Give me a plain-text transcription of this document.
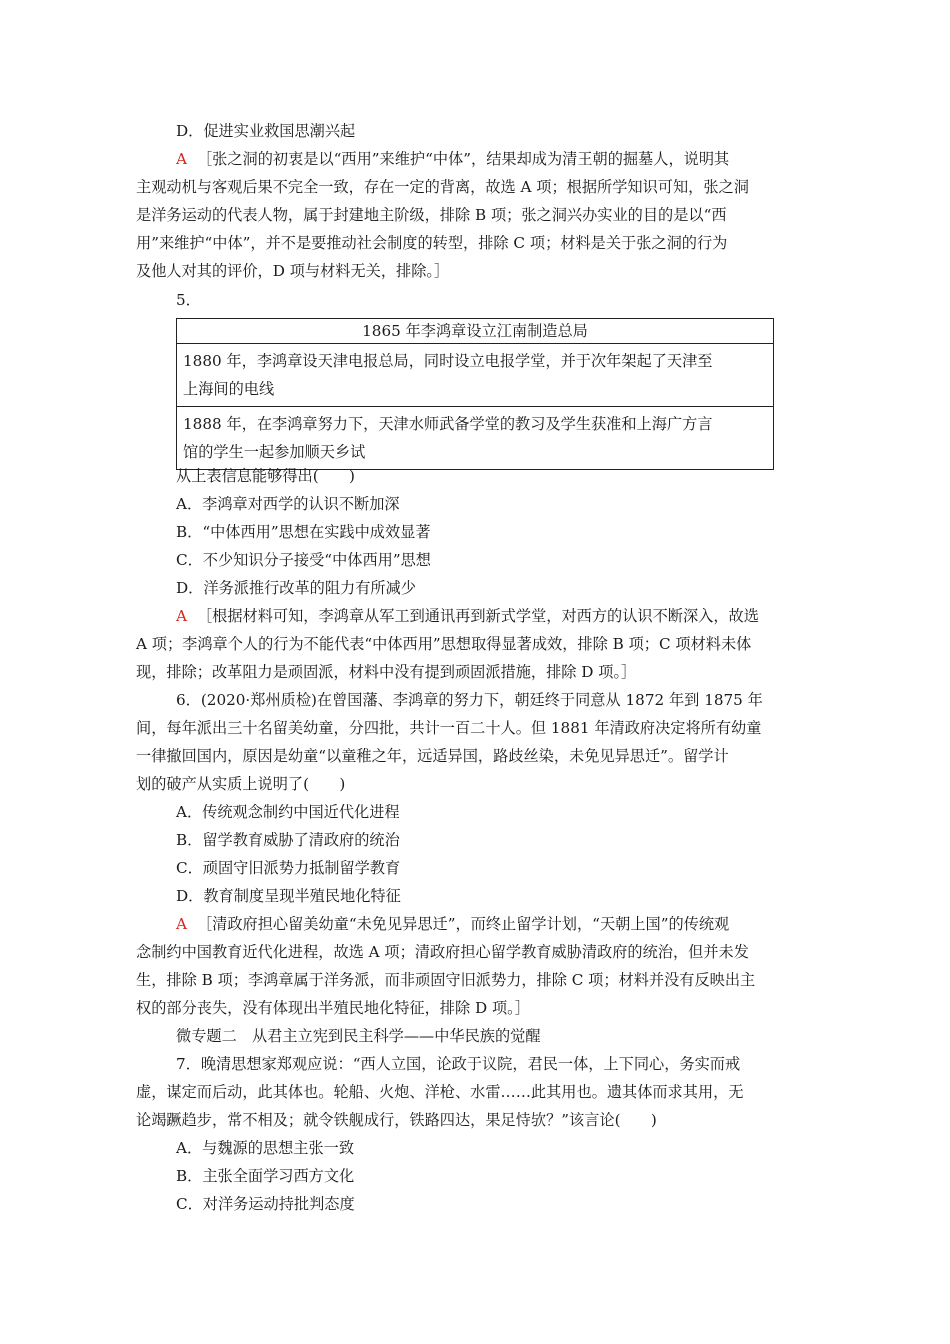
D．促进实业救国思潮兴起
A ［张之洞的初衷是以“西用”来维护“中体”，结果却成为清王朝的掘墓人，说明其
主观动机与客观后果不完全一致，存在一定的背离，故选 A 项；根据所学知识可知，张之洞
是洋务运动的代表人物，属于封建地主阶级，排除 B 项；张之洞兴办实业的目的是以“西
用”来维护“中体”，并不是要推动社会制度的转型，排除 C 项；材料是关于张之洞的行为
及他人对其的评价，D 项与材料无关，排除。］
5．
1865 年李鸿章设立江南制造总局

1880 年，李鸿章设天津电报总局，同时设立电报学堂，并于次年架起了天津至
上海间的电线

1888 年，在李鸿章努力下，天津水师武备学堂的教习及学生获准和上海广方言
馆的学生一起参加顺天乡试
从上表信息能够得出(　　)
A．李鸿章对西学的认识不断加深
B．“中体西用”思想在实践中成效显著
C．不少知识分子接受“中体西用”思想
D．洋务派推行改革的阻力有所减少
A ［根据材料可知，李鸿章从军工到通讯再到新式学堂，对西方的认识不断深入，故选
A 项；李鸿章个人的行为不能代表“中体西用”思想取得显著成效，排除 B 项；C 项材料未体
现，排除；改革阻力是顽固派，材料中没有提到顽固派措施，排除 D 项。］
6．(2020·郑州质检)在曾国藩、李鸿章的努力下，朝廷终于同意从 1872 年到 1875 年
间，每年派出三十名留美幼童，分四批，共计一百二十人。但 1881 年清政府决定将所有幼童
一律撤回国内，原因是幼童“以童稚之年，远适异国，路歧丝染，未免见异思迁”。留学计
划的破产从实质上说明了(　　)
A．传统观念制约中国近代化进程
B．留学教育威胁了清政府的统治
C．顽固守旧派势力抵制留学教育
D．教育制度呈现半殖民地化特征
A ［清政府担心留美幼童“未免见异思迁”，而终止留学计划，“天朝上国”的传统观
念制约中国教育近代化进程，故选 A 项；清政府担心留学教育威胁清政府的统治，但并未发
生，排除 B 项；李鸿章属于洋务派，而非顽固守旧派势力，排除 C 项；材料并没有反映出主
权的部分丧失，没有体现出半殖民地化特征，排除 D 项。］
微专题二　从君主立宪到民主科学——中华民族的觉醒
7．晚清思想家郑观应说：“西人立国，论政于议院，君民一体，上下同心，务实而戒
虚，谋定而后动，此其体也。轮船、火炮、洋枪、水雷……此其用也。遗其体而求其用，无
论竭蹶趋步，常不相及；就令铁舰成行，铁路四达，果足恃欤？”该言论(　　)
A．与魏源的思想主张一致
B．主张全面学习西方文化
C．对洋务运动持批判态度
